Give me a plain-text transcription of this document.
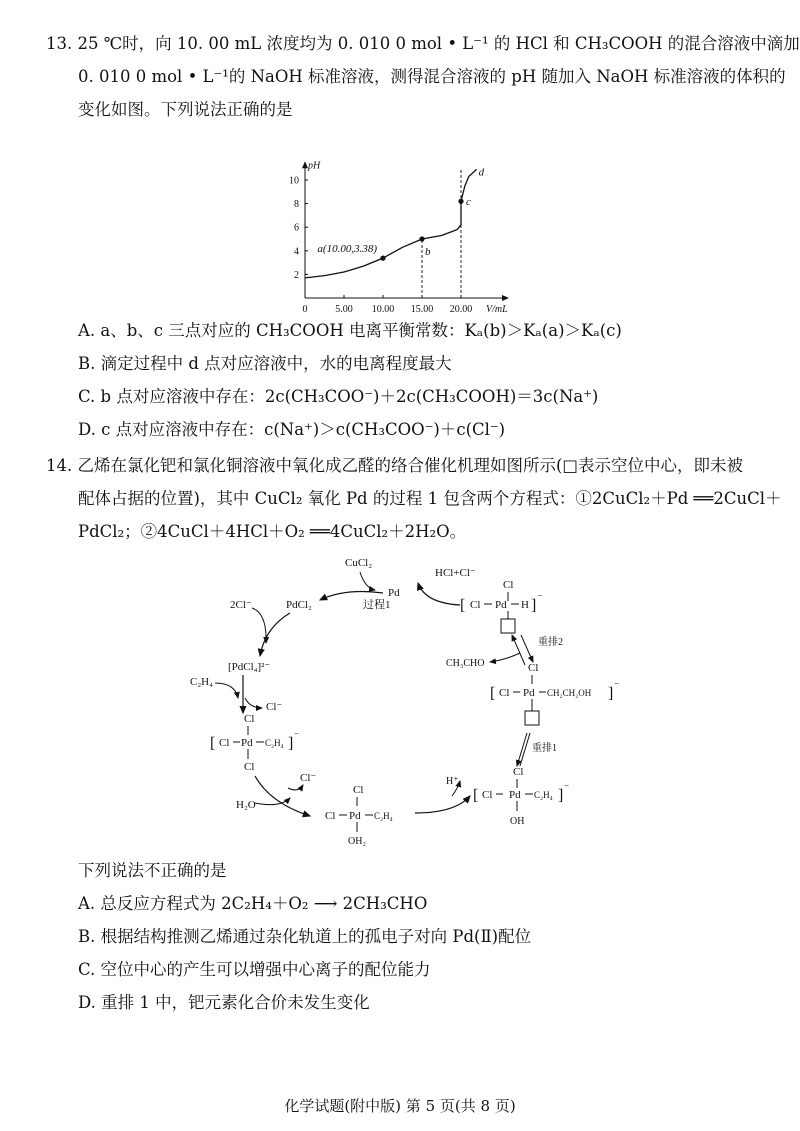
13. 25 ℃时，向 10. 00 mL 浓度均为 0. 010 0 mol • L⁻¹ 的 HCl 和 CH₃COOH 的混合溶液中滴加
0. 010 0 mol • L⁻¹的 NaOH 标准溶液，测得混合溶液的 pH 随加入 NaOH 标准溶液的体积的
变化如图。下列说法正确的是
pH
V/mL
0	5.00 10.00 15.00 20.00
2
4
6
8
10
a(10.00,3.38)	b
c
d
A. a、b、c 三点对应的 CH₃COOH 电离平衡常数：Kₐ(b)＞Kₐ(a)＞Kₐ(c)
B. 滴定过程中 d 点对应溶液中，水的电离程度最大
C. b 点对应溶液中存在：2c(CH₃COO⁻)＋2c(CH₃COOH)＝3c(Na⁺)
D. c 点对应溶液中存在：c(Na⁺)＞c(CH₃COO⁻)＋c(Cl⁻)
14. 乙烯在氯化钯和氯化铜溶液中氧化成乙醛的络合催化机理如图所示(□表示空位中心，即未被
配体占据的位置)，其中 CuCl₂ 氧化 Pd 的过程 1 包含两个方程式：①2CuCl₂＋Pd ══2CuCl＋
PdCl₂；②4CuCl＋4HCl＋O₂ ══4CuCl₂＋2H₂O。
CuCl₂
Pd
过程1
HCl+Cl⁻
2Cl⁻	PdCl₂
[PdCl₄]²⁻
C₂H₄
Cl⁻
Cl
[ Cl Pd C₂H₄ ] ⁻
Cl
Cl⁻
H₂O
Cl
Cl Pd C₂H₄
OH₂
H⁺
Cl
[ Cl Pd C₂H₄ ] ⁻
OH
重排1
Cl
[ Cl Pd CH₂CH₂OH ] ⁻
重排2
CH₃CHO
Cl
[ Cl Pd H ] ⁻
下列说法不正确的是
A. 总反应方程式为 2C₂H₄＋O₂ ⟶ 2CH₃CHO
B. 根据结构推测乙烯通过杂化轨道上的孤电子对向 Pd(Ⅱ)配位
C. 空位中心的产生可以增强中心离子的配位能力
D. 重排 1 中，钯元素化合价未发生变化
化学试题(附中版) 第 5 页(共 8 页)
